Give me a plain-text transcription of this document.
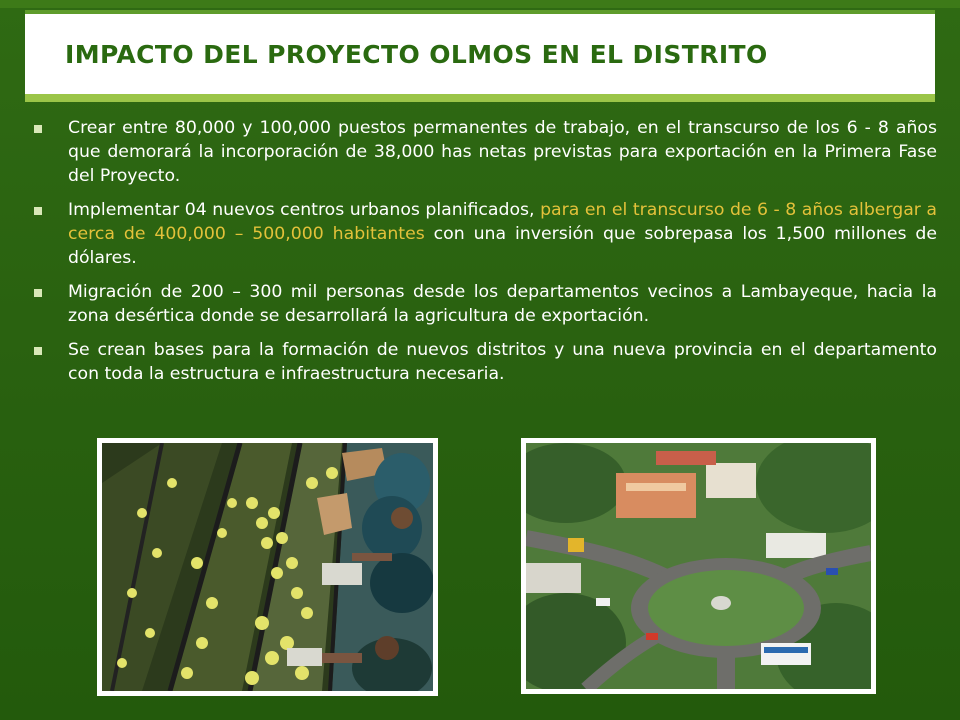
IMPACTO DEL PROYECTO OLMOS EN EL DISTRITO
Crear entre 80,000 y 100,000 puestos permanentes de trabajo, en el transcurso de los 6 - 8 años que demorará la incorporación de 38,000 has netas previstas para exportación en la Primera Fase del Proyecto.
Implementar 04 nuevos centros urbanos planificados, para en el transcurso de 6 - 8 años albergar a cerca de 400,000 – 500,000 habitantes con una inversión que sobrepasa los 1,500 millones de dólares.
Migración de 200 – 300 mil personas desde los departamentos vecinos a Lambayeque, hacia la zona desértica donde se desarrollará la agricultura de exportación.
Se crean bases para la formación de nuevos distritos y una nueva provincia en el departamento con toda la estructura e infraestructura necesaria.
